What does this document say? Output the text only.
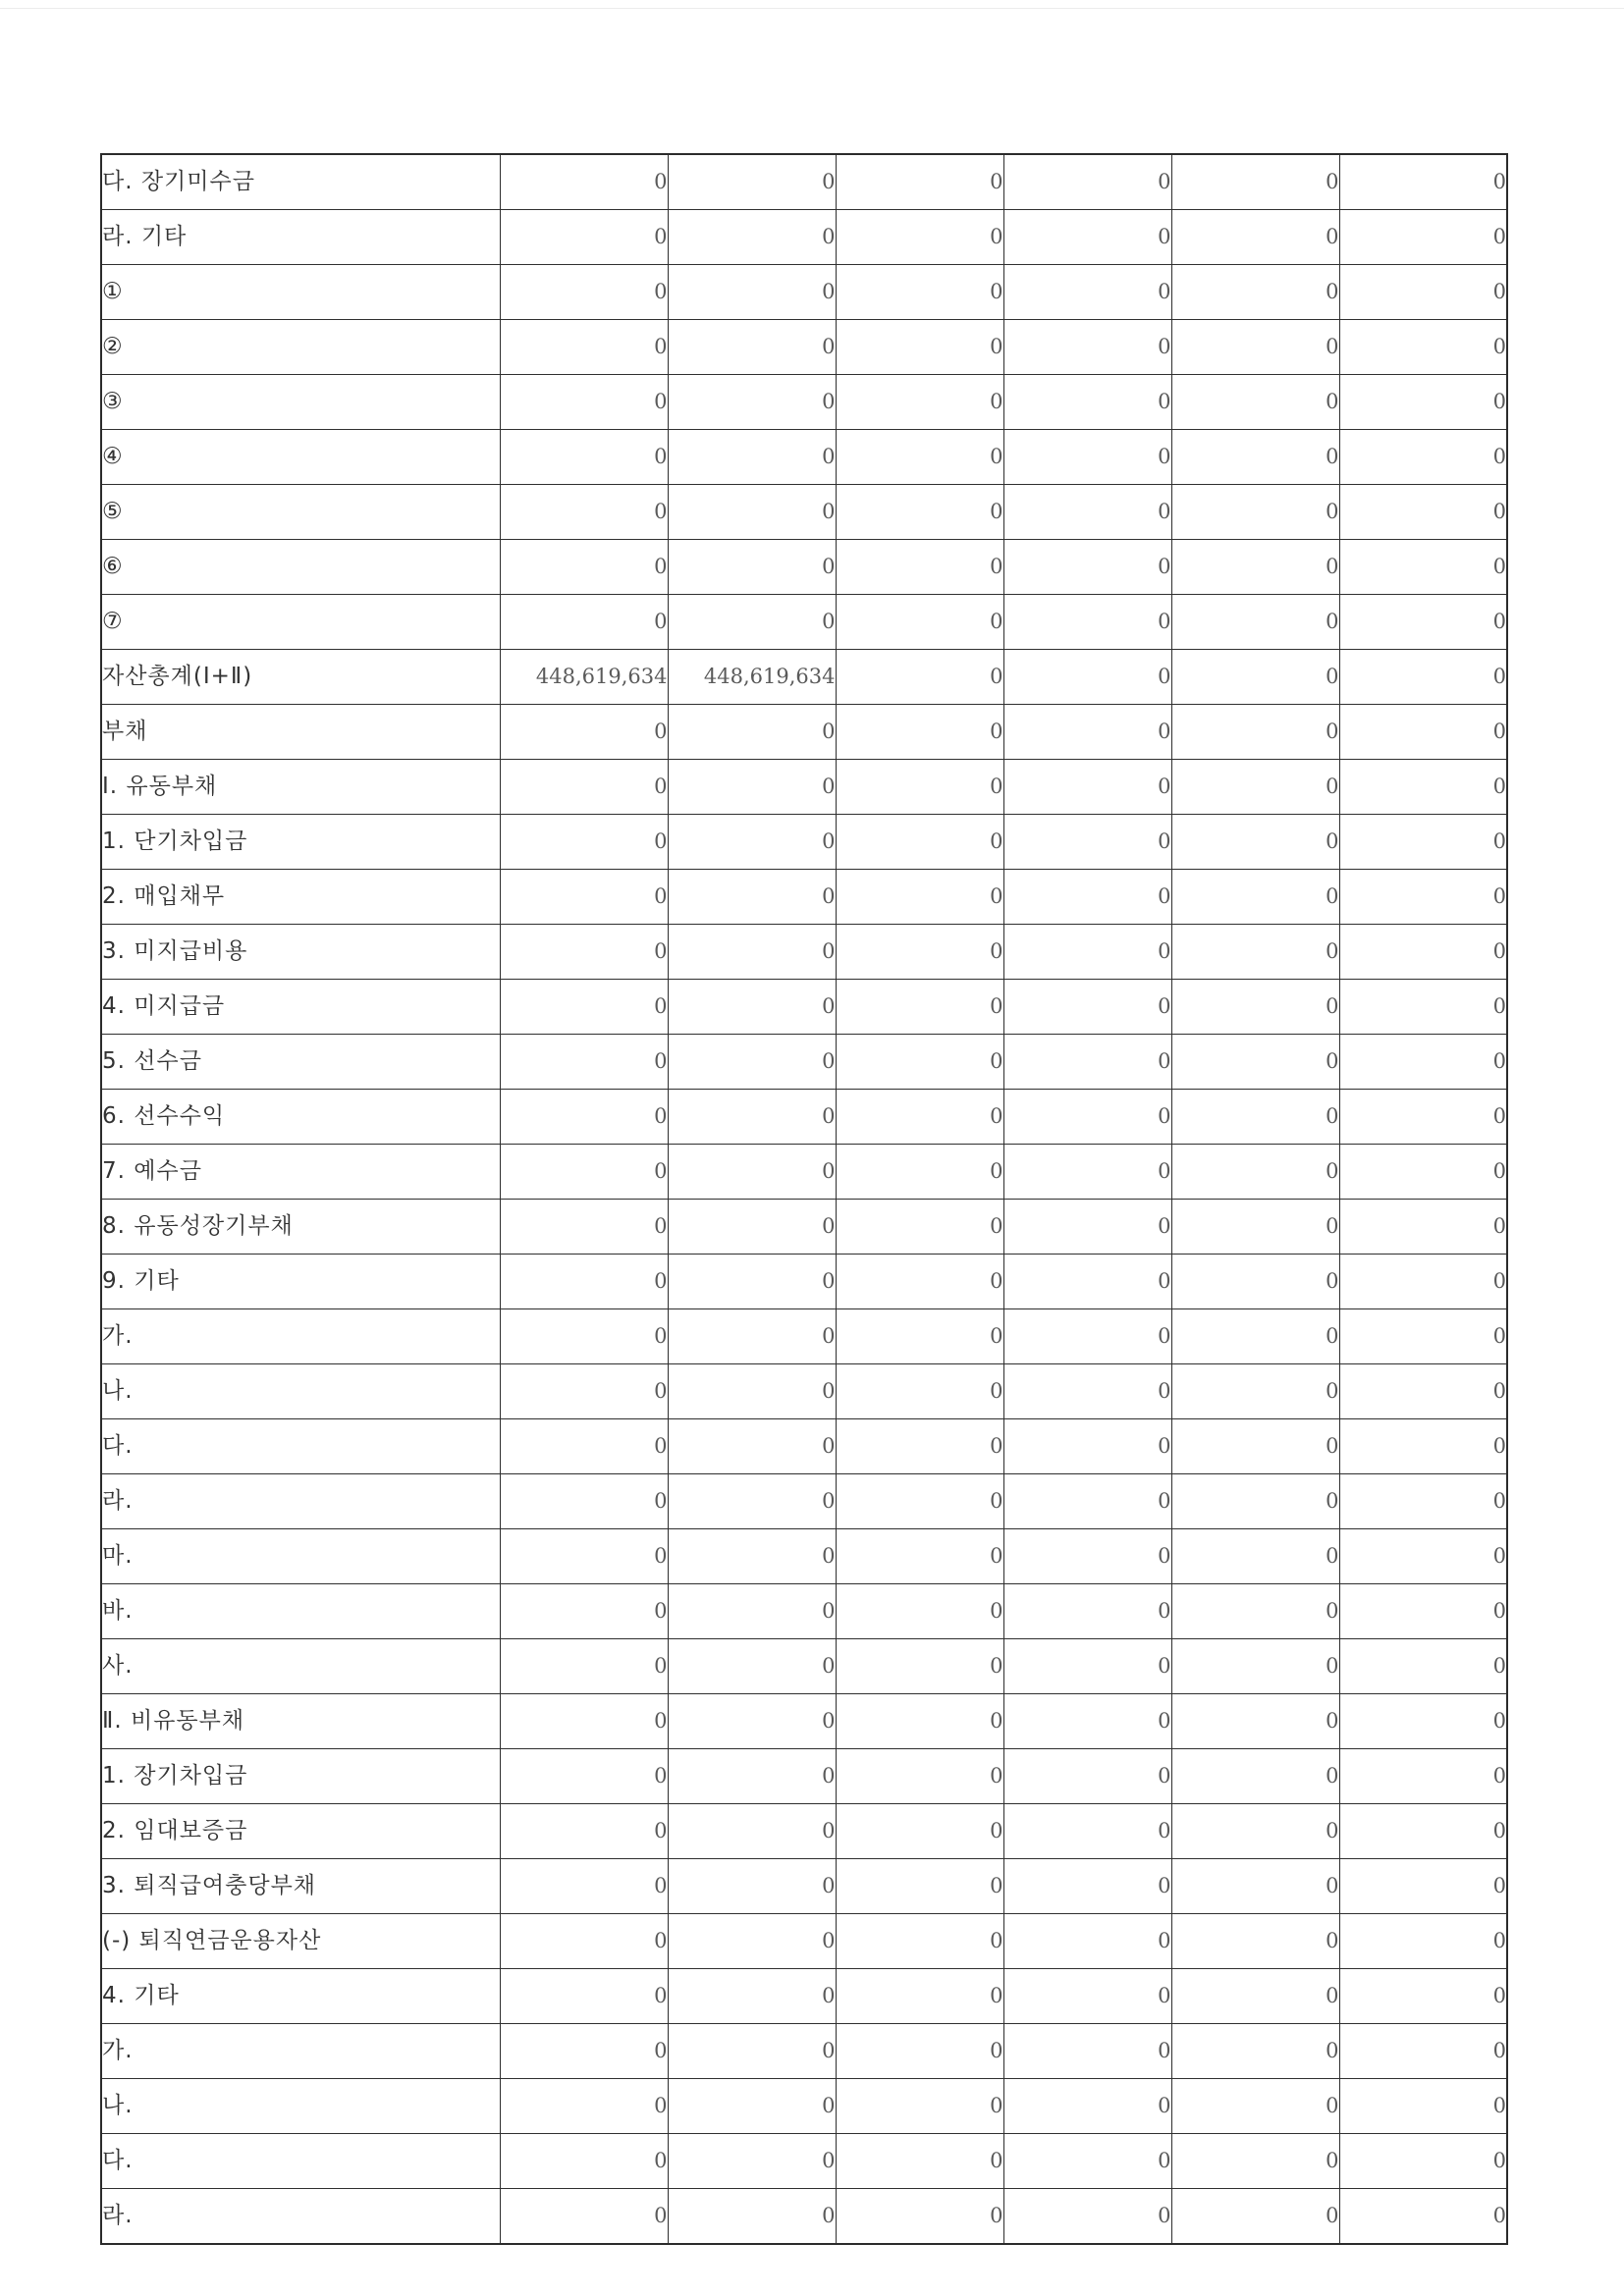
다. 장기미수금	0	0	0	0	0	0
라. 기타	0	0	0	0	0	0
①	0	0	0	0	0	0
②	0	0	0	0	0	0
③	0	0	0	0	0	0
④	0	0	0	0	0	0
⑤	0	0	0	0	0	0
⑥	0	0	0	0	0	0
⑦	0	0	0	0	0	0
자산총계(Ⅰ+Ⅱ)	448,619,634	448,619,634	0	0	0	0
부채	0	0	0	0	0	0
Ⅰ. 유동부채	0	0	0	0	0	0
1. 단기차입금	0	0	0	0	0	0
2. 매입채무	0	0	0	0	0	0
3. 미지급비용	0	0	0	0	0	0
4. 미지급금	0	0	0	0	0	0
5. 선수금	0	0	0	0	0	0
6. 선수수익	0	0	0	0	0	0
7. 예수금	0	0	0	0	0	0
8. 유동성장기부채	0	0	0	0	0	0
9. 기타	0	0	0	0	0	0
가.	0	0	0	0	0	0
나.	0	0	0	0	0	0
다.	0	0	0	0	0	0
라.	0	0	0	0	0	0
마.	0	0	0	0	0	0
바.	0	0	0	0	0	0
사.	0	0	0	0	0	0
Ⅱ. 비유동부채	0	0	0	0	0	0
1. 장기차입금	0	0	0	0	0	0
2. 임대보증금	0	0	0	0	0	0
3. 퇴직급여충당부채	0	0	0	0	0	0
(-) 퇴직연금운용자산	0	0	0	0	0	0
4. 기타	0	0	0	0	0	0
가.	0	0	0	0	0	0
나.	0	0	0	0	0	0
다.	0	0	0	0	0	0
라.	0	0	0	0	0	0
